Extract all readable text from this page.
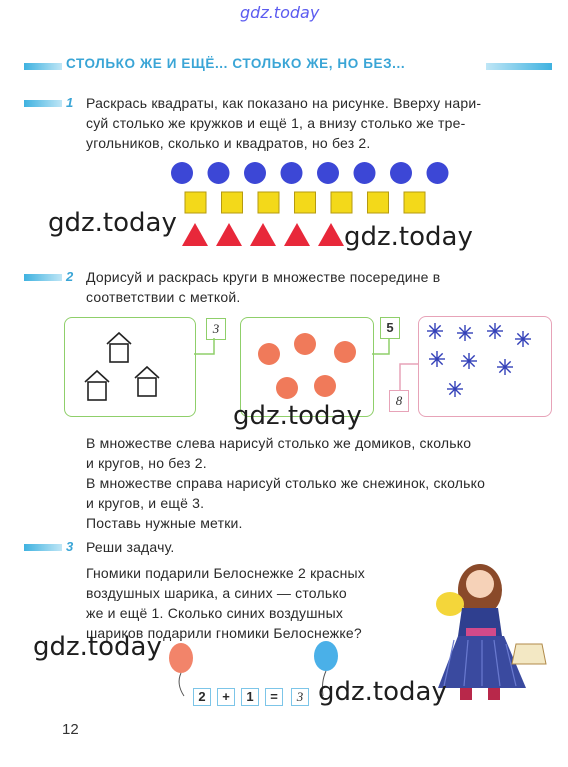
gdz.today
СТОЛЬКО ЖЕ И ЕЩЁ... СТОЛЬКО ЖЕ, НО БЕЗ...
1 Раскрась квадраты, как показано на рисунке. Вверху нари-
суй столько же кружков и ещё 1, а внизу столько же тре-
угольников, сколько и квадратов, но без 2.
gdz.today	gdz.today
2 Дорисуй и раскрась круги в множестве посередине в
соответствии с меткой.
3	5
8
gdz.today
В множестве слева нарисуй столько же домиков, сколько
и кругов, но без 2.
В множестве справа нарисуй столько же снежинок, сколько
и кругов, и ещё 3.
Поставь нужные метки.
3 Реши задачу.
Гномики подарили Белоснежке 2 красных
воздушных шарика, а синих — столько
же и ещё 1. Сколько синих воздушных
шариков подарили гномики Белоснежке?
2	+	1	=	3
gdz.today
gdz.today
12
